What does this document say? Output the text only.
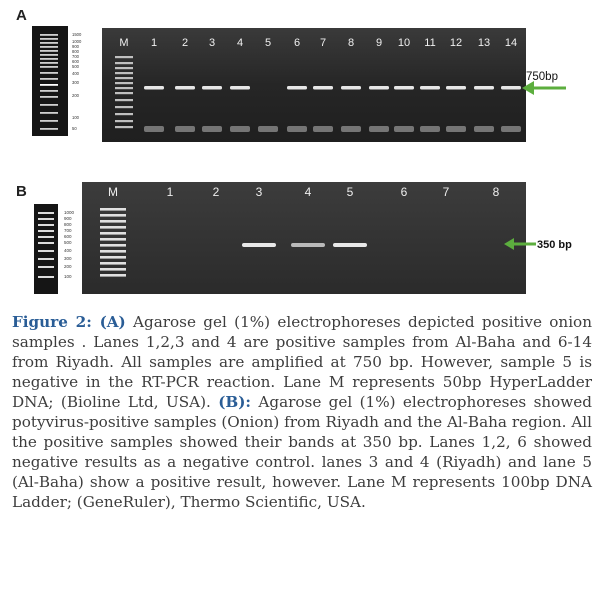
A
1500
1000
900
800
700
600
500
400
300
200
100
50
M 1 2 3 4 5 6 7 8 9 10 11 12 13 14
750bp
B
1000
900
800
700
600
500
400
300
200
100
M	1	2	3	4	5	6	7	8
350 bp

Figure 2: (A) Agarose gel (1%) electrophoreses depicted positive onion samples . Lanes 1,2,3 and 4 are positive samples from Al-Baha and 6-14 from Riyadh. All samples are amplified at 750 bp. However, sample 5 is negative in the RT-PCR reaction. Lane M represents 50bp HyperLadder DNA; (Bioline Ltd, USA). (B): Agarose gel (1%) electrophoreses showed potyvirus-positive samples (Onion) from Riyadh and the Al-Baha region. All the positive samples showed their bands at 350 bp. Lanes 1,2, 6 showed negative results as a negative control. lanes 3 and 4 (Riyadh) and lane 5 (Al-Baha) show a positive result, however. Lane M represents 100bp DNA Ladder; (GeneRuler), Thermo Scientific, USA.
